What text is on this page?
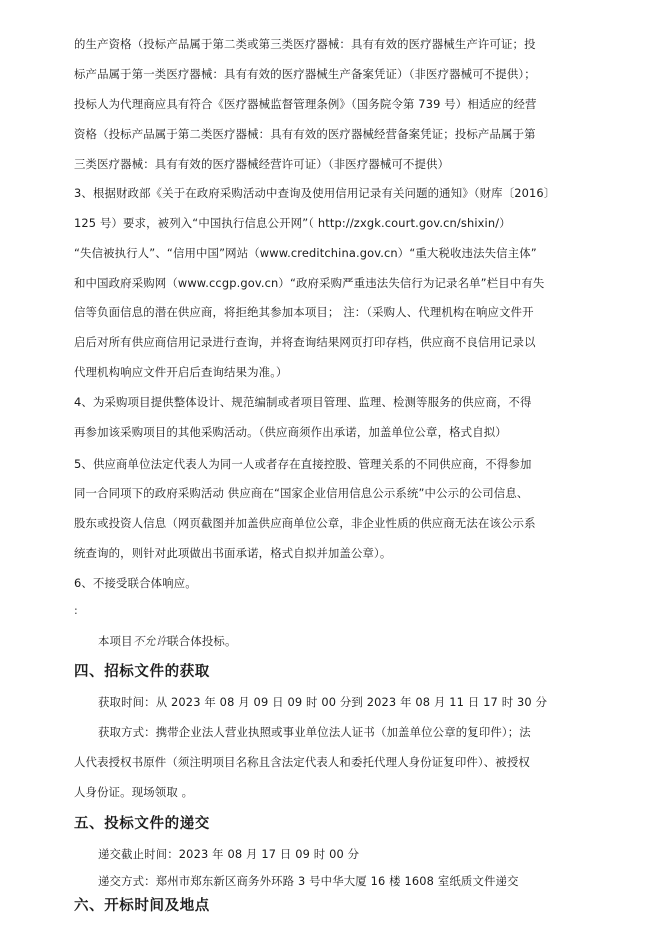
的生产资格（投标产品属于第二类或第三类医疗器械：具有有效的医疗器械生产许可证；投
标产品属于第一类医疗器械：具有有效的医疗器械生产备案凭证）（非医疗器械可不提供）；
投标人为代理商应具有符合《医疗器械监督管理条例》（国务院令第 739 号）相适应的经营
资格（投标产品属于第二类医疗器械：具有有效的医疗器械经营备案凭证；投标产品属于第
三类医疗器械：具有有效的医疗器械经营许可证）（非医疗器械可不提供）
3、根据财政部《关于在政府采购活动中查询及使用信用记录有关问题的通知》（财库〔2016〕
125 号）要求，被列入“中国执行信息公开网”（ http://zxgk.court.gov.cn/shixin/）
“失信被执行人”、“信用中国”网站（www.creditchina.gov.cn）“重大税收违法失信主体”
和中国政府采购网（www.ccgp.gov.cn）“政府采购严重违法失信行为记录名单”栏目中有失
信等负面信息的潜在供应商，将拒绝其参加本项目； 注：（采购人、代理机构在响应文件开
启后对所有供应商信用记录进行查询，并将查询结果网页打印存档，供应商不良信用记录以
代理机构响应文件开启后查询结果为准。）
4、为采购项目提供整体设计、规范编制或者项目管理、监理、检测等服务的供应商，不得
再参加该采购项目的其他采购活动。（供应商须作出承诺，加盖单位公章，格式自拟）
5、供应商单位法定代表人为同一人或者存在直接控股、管理关系的不同供应商，不得参加
同一合同项下的政府采购活动 供应商在“国家企业信用信息公示系统”中公示的公司信息、
股东或投资人信息（网页截图并加盖供应商单位公章，非企业性质的供应商无法在该公示系
统查询的，则针对此项做出书面承诺，格式自拟并加盖公章）。
6、不接受联合体响应。
:
本项目不允许联合体投标。
四、招标文件的获取
获取时间：从 2023 年 08 月 09 日 09 时 00 分到 2023 年 08 月 11 日 17 时 30 分
获取方式：携带企业法人营业执照或事业单位法人证书（加盖单位公章的复印件）；法
人代表授权书原件（须注明项目名称且含法定代表人和委托代理人身份证复印件）、被授权
人身份证。现场领取 。
五、投标文件的递交
递交截止时间：2023 年 08 月 17 日 09 时 00 分
递交方式：郑州市郑东新区商务外环路 3 号中华大厦 16 楼 1608 室纸质文件递交
六、开标时间及地点
